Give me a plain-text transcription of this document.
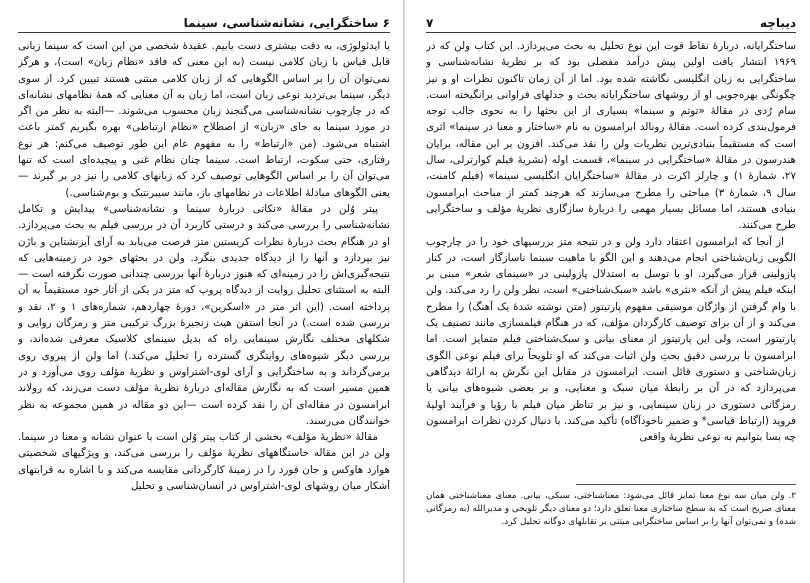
۶ ساختگرایی، نشانه‌شناسی، سینما

یا ایدئولوژی، به دقت بیشتری دست یابیم. عقیدهٔ شخصی من این است که سینما زبانی قابل قیاس با زبان کلامی نیست (به این معنی که فاقد «نظام زبان» است)، و هرگز نمی‌توان آن را بر اساس الگوهایی که از زبان کلامی مبتنی هستند تبیین کرد. از سوی دیگر، سینما بی‌تردید نوعی زبان است، اما زبان به آن معنایی که همهٔ نظامهای نشانه‌ای که در چارچوب نشانه‌شناسی می‌گنجند زبان محسوب می‌شوند. —البته به نظر من اگر در مورد سینما به جای «زبان» از اصطلاح «نظام ارتباطی» بهره بگیریم کمتر باعث اشتباه می‌شود. (من «ارتباط» را به مفهوم عام این طور توصیف می‌کنم: هر نوع رفتاری، حتی سکوت، ارتباط است. سینما چنان نظام غنی و پیچیده‌ای است که تنها می‌توان آن را بر اساس الگوهایی توصیف کرد که زبانهای کلامی را نیز در بر گیرند — یعنی الگوهای مبادلهٔ اطلاعات در نظامهای باز، مانند سیبرنتیک و بوم‌شناسی.)

پیتر وُلن در مقالهٔ «نکاتی دربارهٔ سینما و نشانه‌شناسی» پیدایش و تکامل نشانه‌شناسی را بررسی می‌کند و درستی کاربرد آن در بررسی فیلم به بحث می‌پردازد. او در هنگام بحث دربارهٔ نظرات کریستین متز فرصت می‌یابد به آرای آیزنشتاین و بازَن نیز بپردازد و آنها را از دیدگاه جدیدی بنگرد. ولن در بحثهای خود در زمینه‌هایی که نتیجه‌گیری‌اش را در زمینه‌ای که هنوز دربارهٔ آنها بررسی چندانی صورت نگرفته است —البته به استثنای تحلیل روایت از دیدگاه پروپ که متز در یکی از آثار خود مستقیماً به آن پرداخته است. (این اثر متز در «اسکرین»، دورهٔ چهاردهم، شماره‌های ۱ و ۲، نقد و بررسی شده است.) در آنجا استفن هیث زنجیرهٔ بزرگ ترکیبی متز و رمزگان روایی و شکلهای مختلف نگارش سینمایی راه که بدیل سینمای کلاسیک معرفی شده‌اند، و بررسی دیگر شیوه‌های روایتگری گسترده را تحلیل می‌کند.) اما ولن از پیروی روی برمی‌گرداند و به ساختگرایی و آرای لوی-اشتراوس و نظریهٔ مؤلف روی می‌آورد و در همین مسیر است که به نگارش مقاله‌ای دربارهٔ نظریهٔ مؤلف دست می‌زند، که رولاند ابرامسون در مقاله‌ای آن را نقد کرده است —این دو مقاله در همین مجموعه به نظر خوانندگان می‌رسند.

مقالهٔ «نظریهٔ مؤلف» بخشی از کتاب پیتر وُلن است با عنوان نشانه و معنا در سینما. ولن در این مقاله خاستگاههای نظریهٔ مؤلف را بررسی می‌کند، و ویژگیهای شخصیتی هوارد هاوکس و جان فورد را در زمینهٔ کارگردانی مقایسه می‌کند و با اشاره به قرابتهای آشکار میان روشهای لوی-اشتراوس در انسان‌شناسی و تحلیل

دیباچه
۷

ساختگرایانه، دربارهٔ نقاط قوت این نوع تحلیل به بحث می‌پردازد. این کتاب ولن که در ۱۹۶۹ انتشار یافت اولین پیش درآمد مفصلی بود که بر نظریهٔ نشانه‌شناسی و ساختگرایی به زبان انگلیسی نگاشته شده بود. اما از آن زمان تاکنون نظرات او و نیز چگونگی بهره‌جویی او از روشهای ساختگرایانه بحث و جدلهای فراوانی برانگیخته است. سام رُدی در مقالهٔ «توتم و سینما» بسیاری از این بحثها را به نحوی جالب توجه فرمول‌بندی کرده است. مقالهٔ رونالد ابرامسون به نام «ساختار و معنا در سینما» اثری است که مستقیماً بنیادی‌ترین نظریات ولن را نقد می‌کند. افزون بر این مقاله، برایان هندرسون در مقالهٔ «ساختگرایی در سینما»، قسمت اوله (نشریهٔ فیلم کوارترلی، سال ۲۷، شمارهٔ ۱) و چارلز اکرت در مقالهٔ «ساختگرایان انگلیسی سینما» (فیلم کامنت، سال ۹، شمارهٔ ۳) مباحثی را مطرح می‌سازند که هرچند کمتر از مباحث ابرامسون بنیادی هستند، اما مسائل بسیار مهمی را دربارهٔ سازگاری نظریهٔ مؤلف و ساختگرایی طرح می‌کنند.

از آنجا که ابرامسون اعتقاد دارد ولن و در نتیجه متز بررسیهای خود را در چارچوب الگویی زبان‌شناختی انجام می‌دهند و این الگو با ماهیت سینما ناسازگار است، در کنار پازولینی قرار می‌گیرد. او با توسل به استدلال پازولینی در «سینمای شعر» مبنی بر اینکه فیلم پیش از آنکه «نثری» باشد «سبک‌شناختی» است، نظر ولن را رد می‌کند. ولن با وام گرفتن از واژگان موسیقی مفهوم پارتیتور (متن نوشته شدهٔ یک آهنگ) را مطرح می‌کند و از آن برای توصیف کارگردان مؤلف، که در هنگام فیلمسازی مانند تصنیف یک پارتیتور است، ولی این پارتیتور از معنای بیانی و سبک‌شناختی فیلم متمایز است. اما ابرامسون با بررسی دقیق بحثِ ولن اثبات می‌کند که او تلویحاً برای فیلم نوعی الگوی زبان‌شناختی و دستوری قائل است. ابرامسون در مقابل این نگرش به ارائهٔ دیدگاهی می‌پردازد که در آن بر رابطهٔ میان سبک و معنایی، و بر بعضی شیوه‌های بیانی یا رمزگانی دستوری در زبان سینمایی، و نیز بر تناظر میان فیلم با رؤیا و فرآیند اولیهٔ فروید (ارتباط قیاسی* و ضمیر ناخودآگاه) تأکید می‌کند. با دنبال کردن نظرات ابرامسون چه بسا بتوانیم به نوعی نظریهٔ واقعی

۲. ولن میان سه نوع معنا تمایز قائل می‌شود: معناشناختی، سبکی، بیانی. معنای معناشناختی همان معنای صریح است که به سطح ساختاری معنا تعلق دارد؛ دو معنای دیگر تلویحی و مدیرالله (به رمزگانی شده) و نمی‌توان آنها را بر اساس ساختگرایی مبتنی بر تقابلهای دوگانه تحلیل کرد.
